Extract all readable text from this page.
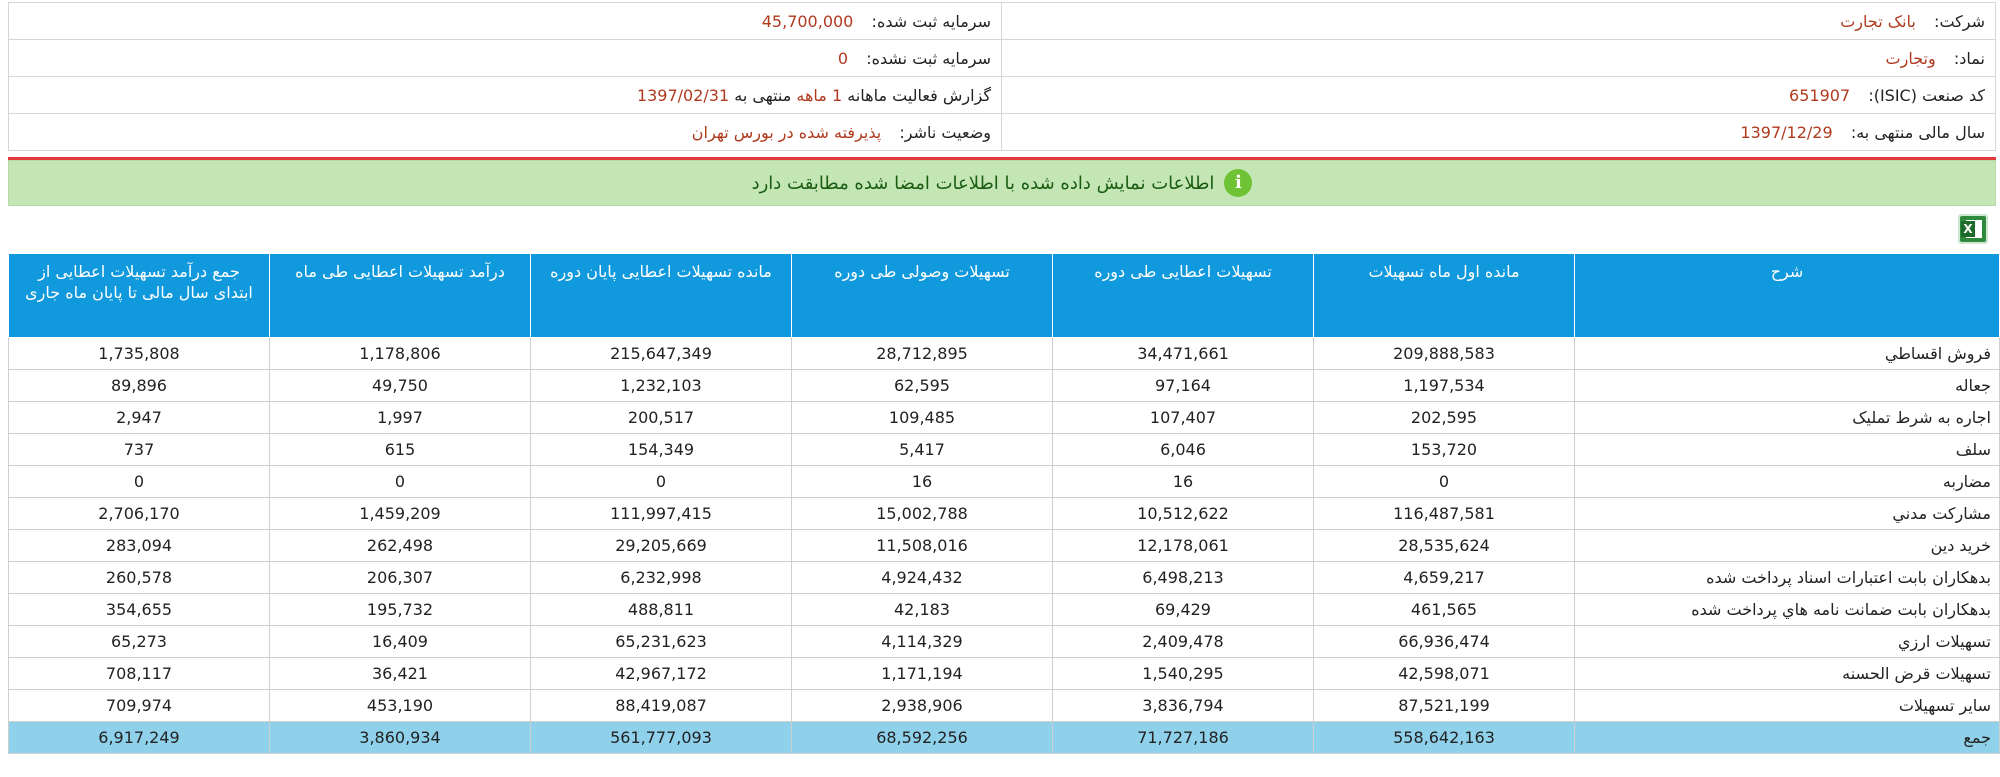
شرکت:  بانک تجارت	سرمایه ثبت شده:  45,700,000
نماد:  وتجارت	سرمایه ثبت نشده:  0
کد صنعت (ISIC):  651907	گزارش فعالیت ماهانه 1 ماهه منتهی به 1397/02/31
سال مالی منتهی به:  1397/12/29	وضعیت ناشر:  پذیرفته شده در بورس تهران
i
اطلاعات نمایش داده شده با اطلاعات امضا شده مطابقت دارد
X
شرح	مانده اول ماه تسهیلات	تسهیلات اعطایی طی دوره	تسهیلات وصولی طی دوره	مانده تسهیلات اعطایی پایان دوره	درآمد تسهیلات اعطایی طی ماه	جمع درآمد تسهیلات اعطایی از ابتدای سال مالی تا پایان ماه جاری
فروش اقساطي	209,888,583	34,471,661	28,712,895	215,647,349	1,178,806	1,735,808
جعاله	1,197,534	97,164	62,595	1,232,103	49,750	89,896
اجاره به شرط تمليک	202,595	107,407	109,485	200,517	1,997	2,947
سلف	153,720	6,046	5,417	154,349	615	737
مضاربه	0	16	16	0	0	0
مشارکت مدني	116,487,581	10,512,622	15,002,788	111,997,415	1,459,209	2,706,170
خريد دين	28,535,624	12,178,061	11,508,016	29,205,669	262,498	283,094
بدهکاران بابت اعتبارات اسناد پرداخت شده	4,659,217	6,498,213	4,924,432	6,232,998	206,307	260,578
بدهکاران بابت ضمانت نامه هاي پرداخت شده	461,565	69,429	42,183	488,811	195,732	354,655
تسهيلات ارزي	66,936,474	2,409,478	4,114,329	65,231,623	16,409	65,273
تسهيلات قرض الحسنه	42,598,071	1,540,295	1,171,194	42,967,172	36,421	708,117
ساير تسهيلات	87,521,199	3,836,794	2,938,906	88,419,087	453,190	709,974
جمع	558,642,163	71,727,186	68,592,256	561,777,093	3,860,934	6,917,249
